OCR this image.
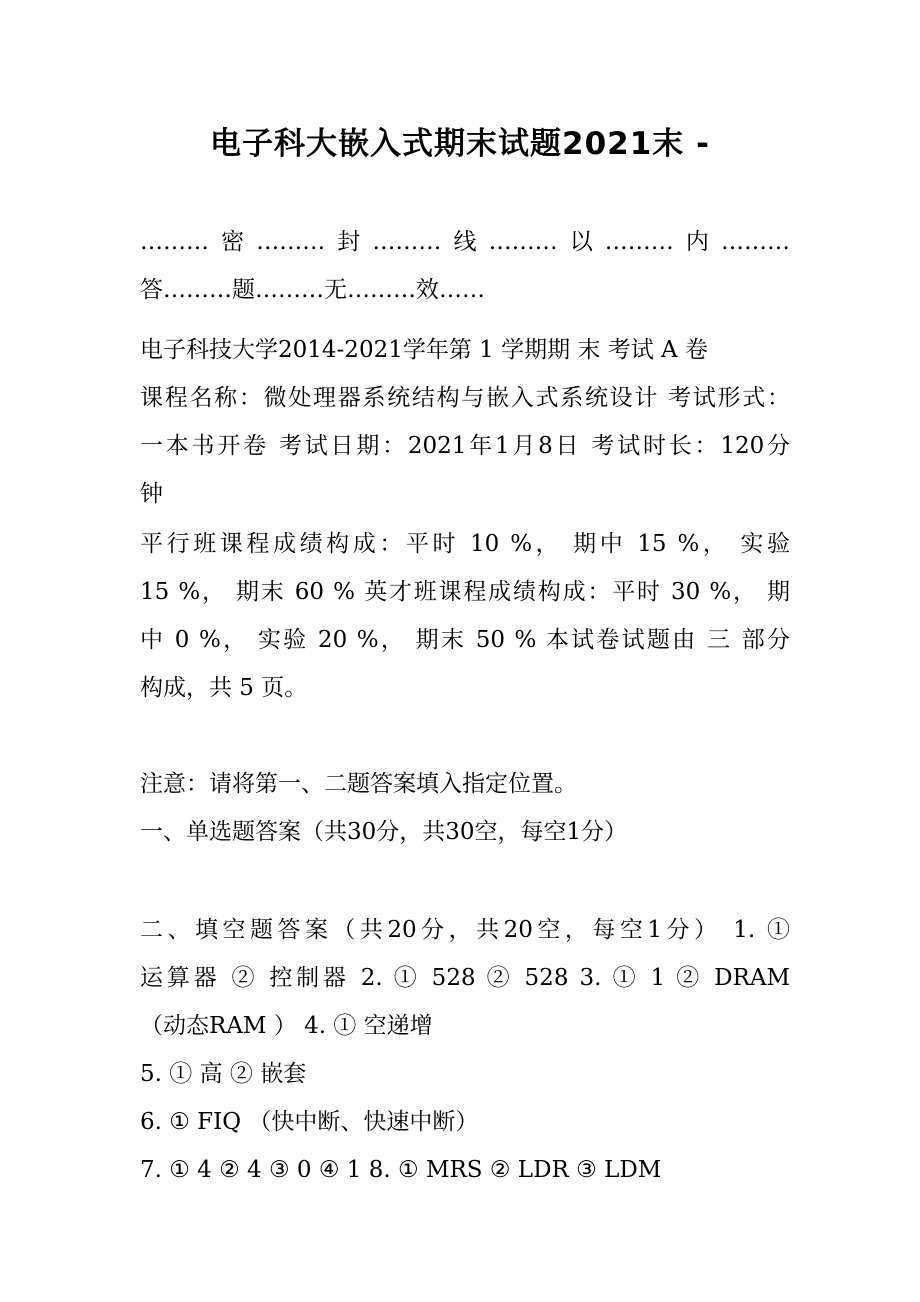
电子科大嵌入式期末试题2021末 -
………密………封………线………以………内………
答………题………无………效……
电子科技大学2014-2021学年第 1 学期期 末 考试 A 卷
课程名称：微处理器系统结构与嵌入式系统设计 考试形式：
一本书开卷 考试日期：2021年1月8日 考试时长：120分
钟
平行班课程成绩构成：平时 10 %， 期中 15 %， 实验
15 %， 期末 60 % 英才班课程成绩构成：平时 30 %， 期
中 0 %， 实验 20 %， 期末 50 % 本试卷试题由 三 部分
构成，共 5 页。
注意：请将第一、二题答案填入指定位置。
一、单选题答案（共30分，共30空，每空1分）
二、填空题答案（共20分，共20空，每空1分） 1. ①
运算器 ② 控制器 2. ① 528 ② 528 3. ① 1 ② DRAM
（动态RAM ） 4. ① 空递增
5. ① 高 ② 嵌套
6. ① FIQ （快中断、快速中断）
7. ① 4 ② 4 ③ 0 ④ 1 8. ① MRS ② LDR ③ LDM
